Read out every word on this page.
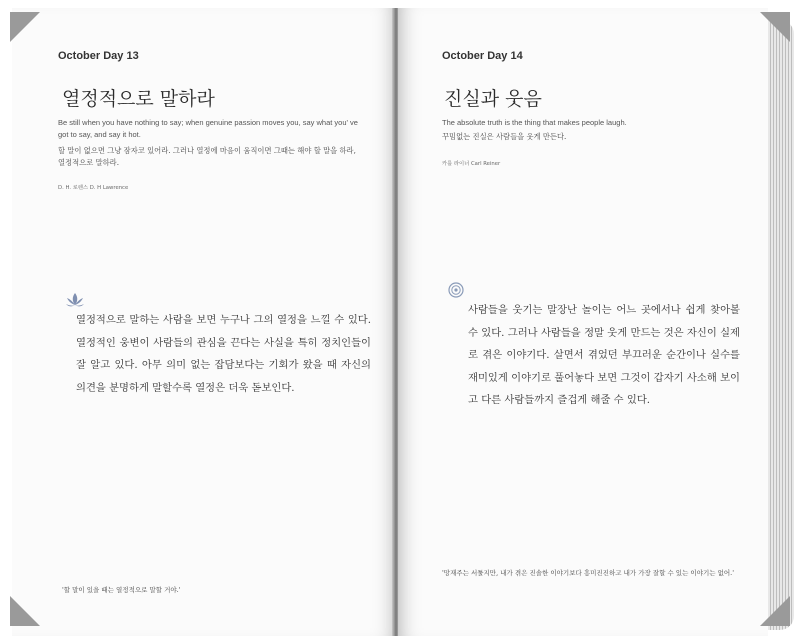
October Day 13
열정적으로 말하라
Be still when you have nothing to say; when genuine passion moves you, say what you' ve got to say, and say it hot.
할 말이 없으면 그냥 잠자코 있어라. 그러나 열정에 마음이 움직이면 그때는 해야 할 말을 하라, 열정적으로 말하라.
D. H. 로렌스 D. H Lawrence
열정적으로 말하는 사람을 보면 누구나 그의 열정을 느낄 수 있다. 열정적인 웅변이 사람들의 관심을 끈다는 사실을 특히 정치인들이 잘 알고 있다. 아무 의미 없는 잡담보다는 기회가 왔을 때 자신의 의견을 분명하게 말할수록 열정은 더욱 돋보인다.
'할 말이 있을 때는 열정적으로 말할 거야.'
October Day 14
진실과 웃음
The absolute truth is the thing that makes people laugh.
꾸밈없는 진실은 사람들을 웃게 만든다.
카를 라이너 Carl Reiner
사람들을 웃기는 말장난 놀이는 어느 곳에서나 쉽게 찾아볼 수 있다. 그러나 사람들을 정말 웃게 만드는 것은 자신이 실제로 겪은 이야기다. 살면서 겪었던 부끄러운 순간이나 실수를 재미있게 이야기로 풀어놓다 보면 그것이 갑자기 사소해 보이고 다른 사람들까지 즐겁게 해줄 수 있다.
'망재주는 서툴지만, 내가 겪은 진솔한 이야기보다 흥미진진하고 내가 가장 잘할 수 있는 이야기는 없어.'
